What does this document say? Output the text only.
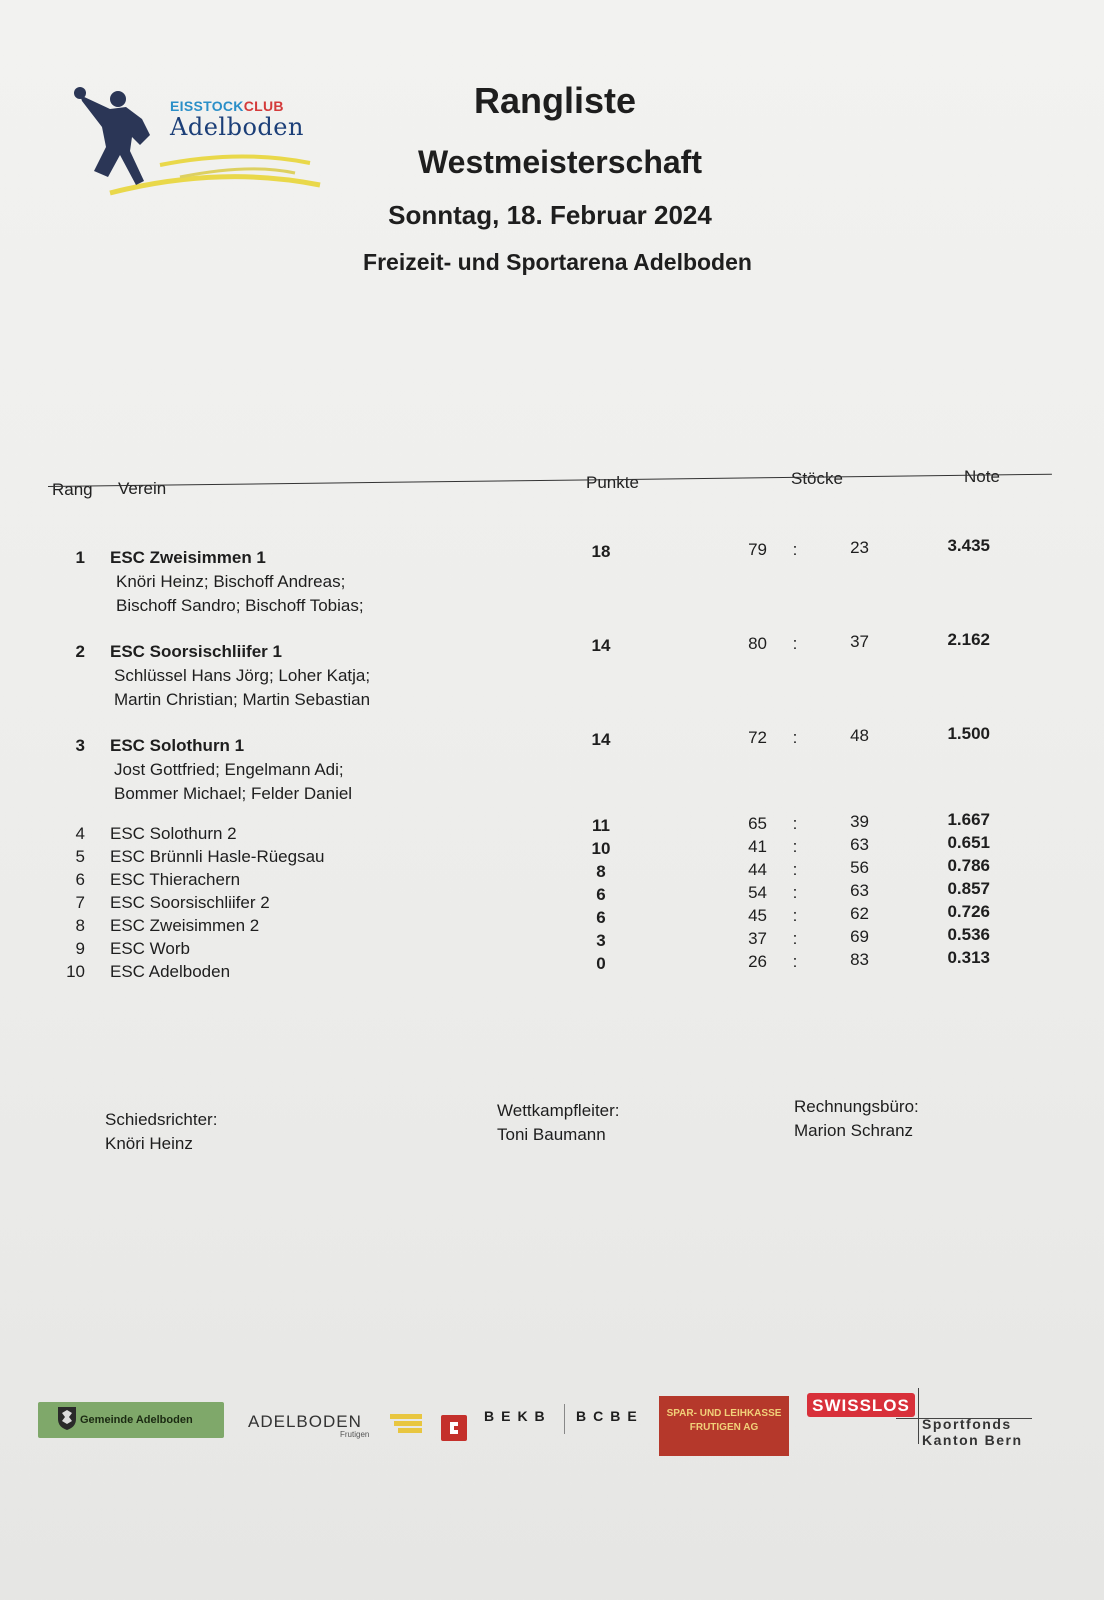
EISSTOCKCLUB
Adelboden
Rangliste
Westmeisterschaft
Sonntag, 18. Februar 2024
Freizeit- und Sportarena Adelboden
Rang Verein	Punkte	Stöcke	Note
1 ESC Zweisimmen 1	18	79 :	23	3.435
Knöri Heinz; Bischoff Andreas;
Bischoff Sandro; Bischoff Tobias;
2 ESC Soorsischliifer 1	14	80 :	37	2.162
Schlüssel Hans Jörg; Loher Katja;
Martin Christian; Martin Sebastian
3 ESC Solothurn 1	14	72 :	48	1.500
Jost Gottfried; Engelmann Adi;
Bommer Michael; Felder Daniel
4 ESC Solothurn 2	11	65 :	39	1.667
5 ESC Brünnli Hasle-Rüegsau	10	41 :	63	0.651
6 ESC Thierachern	8	44 :	56	0.786
7 ESC Soorsischliifer 2	6	54 :	63	0.857
8 ESC Zweisimmen 2	6	45 :	62	0.726
9 ESC Worb	3	37 :	69	0.536
10 ESC Adelboden	0	26 :	83	0.313
Schiedsrichter:
Knöri Heinz
Wettkampfleiter:
Toni Baumann
Rechnungsbüro:
Marion Schranz
Gemeinde Adelboden	ADELBODEN
Frutigen
BEKB BCBE	SPAR- UND LEIHKASSE
FRUTIGEN AG
SWISSLOS
Sportfonds
Kanton Bern
